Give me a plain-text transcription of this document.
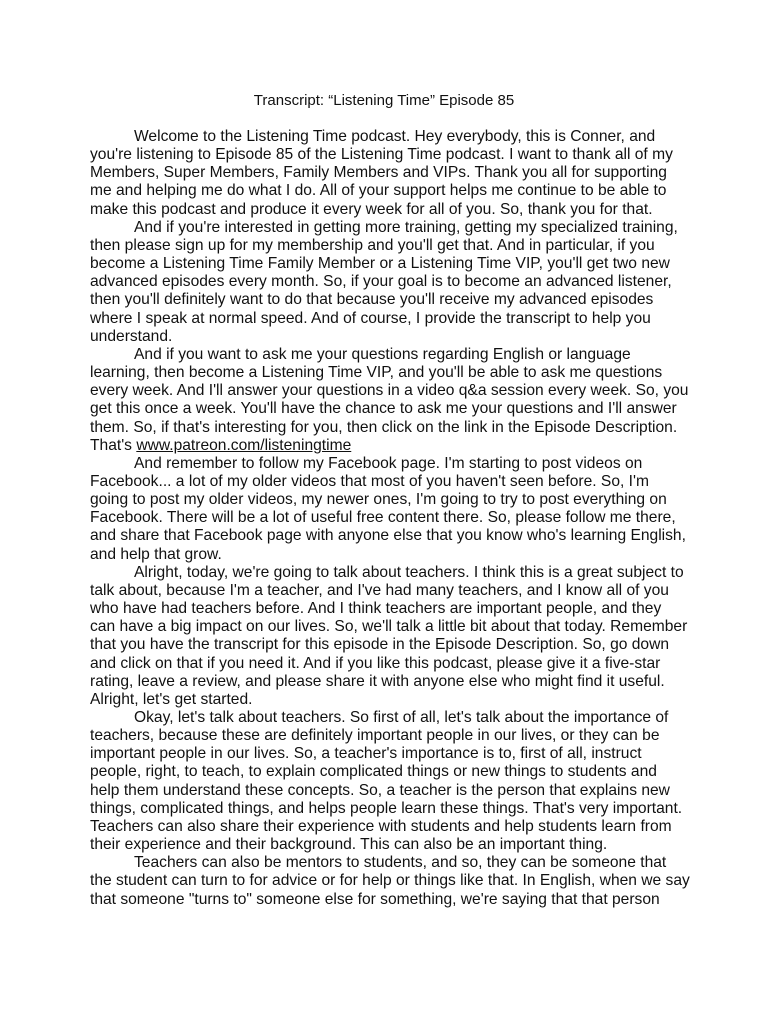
Transcript: “Listening Time” Episode 85

Welcome to the Listening Time podcast. Hey everybody, this is Conner, and you're listening to Episode 85 of the Listening Time podcast. I want to thank all of my Members, Super Members, Family Members and VIPs. Thank you all for supporting me and helping me do what I do. All of your support helps me continue to be able to make this podcast and produce it every week for all of you. So, thank you for that.

And if you're interested in getting more training, getting my specialized training, then please sign up for my membership and you'll get that. And in particular, if you become a Listening Time Family Member or a Listening Time VIP, you'll get two new advanced episodes every month. So, if your goal is to become an advanced listener, then you'll definitely want to do that because you'll receive my advanced episodes where I speak at normal speed. And of course, I provide the transcript to help you understand.

And if you want to ask me your questions regarding English or language learning, then become a Listening Time VIP, and you'll be able to ask me questions every week. And I'll answer your questions in a video q&a session every week. So, you get this once a week. You'll have the chance to ask me your questions and I'll answer them. So, if that's interesting for you, then click on the link in the Episode Description.

That's www.patreon.com/listeningtime

And remember to follow my Facebook page. I'm starting to post videos on Facebook... a lot of my older videos that most of you haven't seen before. So, I'm going to post my older videos, my newer ones, I'm going to try to post everything on Facebook. There will be a lot of useful free content there. So, please follow me there, and share that Facebook page with anyone else that you know who's learning English, and help that grow.

Alright, today, we're going to talk about teachers. I think this is a great subject to talk about, because I'm a teacher, and I've had many teachers, and I know all of you who have had teachers before. And I think teachers are important people, and they can have a big impact on our lives. So, we'll talk a little bit about that today. Remember that you have the transcript for this episode in the Episode Description. So, go down and click on that if you need it. And if you like this podcast, please give it a five-star rating, leave a review, and please share it with anyone else who might find it useful. Alright, let's get started.

Okay, let's talk about teachers. So first of all, let's talk about the importance of teachers, because these are definitely important people in our lives, or they can be important people in our lives. So, a teacher's importance is to, first of all, instruct people, right, to teach, to explain complicated things or new things to students and help them understand these concepts. So, a teacher is the person that explains new things, complicated things, and helps people learn these things. That's very important. Teachers can also share their experience with students and help students learn from their experience and their background. This can also be an important thing.

Teachers can also be mentors to students, and so, they can be someone that the student can turn to for advice or for help or things like that. In English, when we say that someone "turns to" someone else for something, we're saying that that person
